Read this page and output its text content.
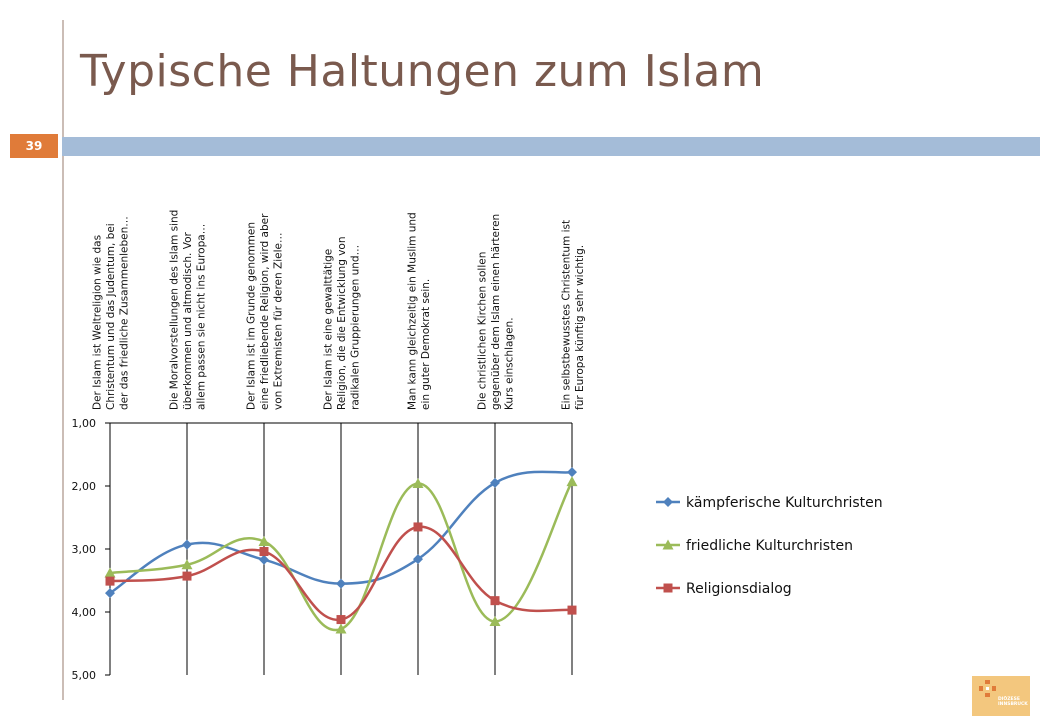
Typische Haltungen zum Islam
39
1,00
2,00
3,00
4,00
5,00
Der Islam ist Weltreligion wie das Christentum und das Judentum, bei der das friedliche Zusammenleben…	Die Moralvorstellungen des Islam sind überkommen und altmodisch. Vor allem passen sie nicht ins Europa…	Der Islam ist im Grunde genommen eine friedliebende Religion, wird aber von Extremisten für deren Ziele…	Der Islam ist eine gewalttätige Religion, die die Entwicklung von radikalen Gruppierungen und…	Man kann gleichzeitig ein Muslim und ein guter Demokrat sein.	Die christlichen Kirchen sollen gegenüber dem Islam einen härteren Kurs einschlagen.	Ein selbstbewusstes Christentum ist für Europa künftig sehr wichtig.
kämpferische Kulturchristen
friedliche Kulturchristen
Religionsdialog
DIÖZESE
INNSBRUCK
